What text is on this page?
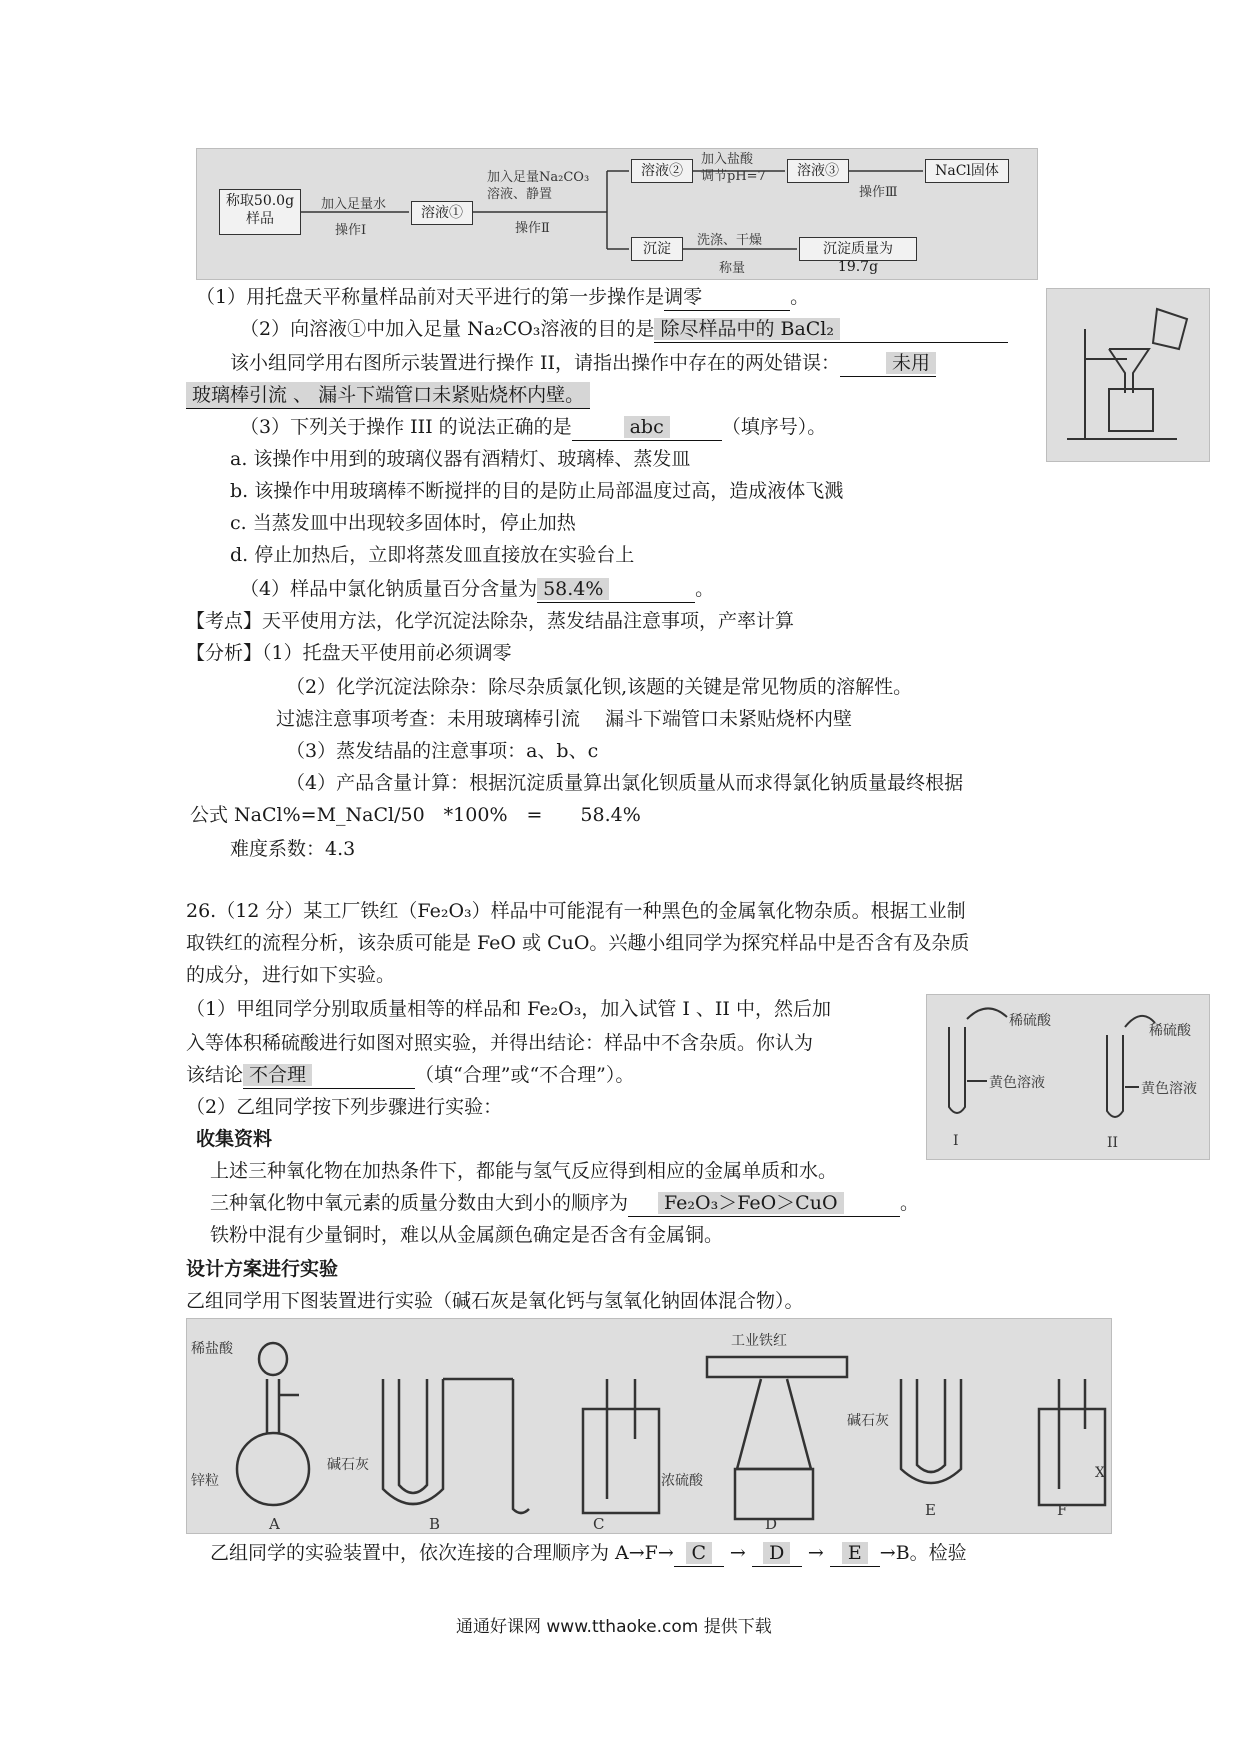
称取50.0g
样品
加入足量水
操作Ⅰ
溶液①
加入足量Na₂CO₃
溶液、静置
操作Ⅱ
溶液②
加入盐酸
调节pH=7	溶液③
操作Ⅲ
NaCl固体
沉淀
洗涤、干燥
称量
沉淀质量为19.7g
（1）用托盘天平称量样品前对天平进行的第一步操作是调零	。
（2）向溶液①中加入足量 Na₂CO₃溶液的目的是 除尽样品中的 BaCl₂
该小组同学用右图所示装置进行操作 II，请指出操作中存在的两处错误：	未用
玻璃棒引流 、 漏斗下端管口未紧贴烧杯内壁。
（3）下列关于操作 III 的说法正确的是	abc	（填序号）。
a. 该操作中用到的玻璃仪器有酒精灯、玻璃棒、蒸发皿
b. 该操作中用玻璃棒不断搅拌的目的是防止局部温度过高，造成液体飞溅
c. 当蒸发皿中出现较多固体时，停止加热
d. 停止加热后，立即将蒸发皿直接放在实验台上
（4）样品中氯化钠质量百分含量为 58.4%	。
【考点】天平使用方法，化学沉淀法除杂，蒸发结晶注意事项，产率计算
【分析】（1）托盘天平使用前必须调零
（2）化学沉淀法除杂：除尽杂质氯化钡,该题的关键是常见物质的溶解性。
过滤注意事项考查：未用玻璃棒引流　 漏斗下端管口未紧贴烧杯内壁
（3）蒸发结晶的注意事项：a、b、c
（4）产品含量计算：根据沉淀质量算出氯化钡质量从而求得氯化钠质量最终根据
公式 NaCl%=M_NaCl/50　*100%　=　　58.4%
难度系数：4.3
26.（12 分）某工厂铁红（Fe₂O₃）样品中可能混有一种黑色的金属氧化物杂质。根据工业制
取铁红的流程分析，该杂质可能是 FeO 或 CuO。兴趣小组同学为探究样品中是否含有及杂质
的成分，进行如下实验。
（1）甲组同学分别取质量相等的样品和 Fe₂O₃，加入试管 I 、II 中，然后加
入等体积稀硫酸进行如图对照实验，并得出结论：样品中不含杂质。你认为
该结论 不合理	（填“合理”或“不合理”）。
稀硫酸
黄色溶液
I
稀硫酸
黄色溶液
II
（2）乙组同学按下列步骤进行实验：
收集资料
上述三种氧化物在加热条件下，都能与氢气反应得到相应的金属单质和水。
三种氧化物中氧元素的质量分数由大到小的顺序为 Fe₂O₃＞FeO＞CuO	。
铁粉中混有少量铜时，难以从金属颜色确定是否含有金属铜。
设计方案进行实验
乙组同学用下图装置进行实验（碱石灰是氧化钙与氢氧化钠固体混合物）。
稀盐酸
锌粒
碱石灰
浓硫酸
工业铁红
碱石灰
X
A	B	C	D
E	F
乙组同学的实验装置中，依次连接的合理顺序为 A→F→ C → D → E →B。检验
通通好课网 www.tthaoke.com 提供下载
